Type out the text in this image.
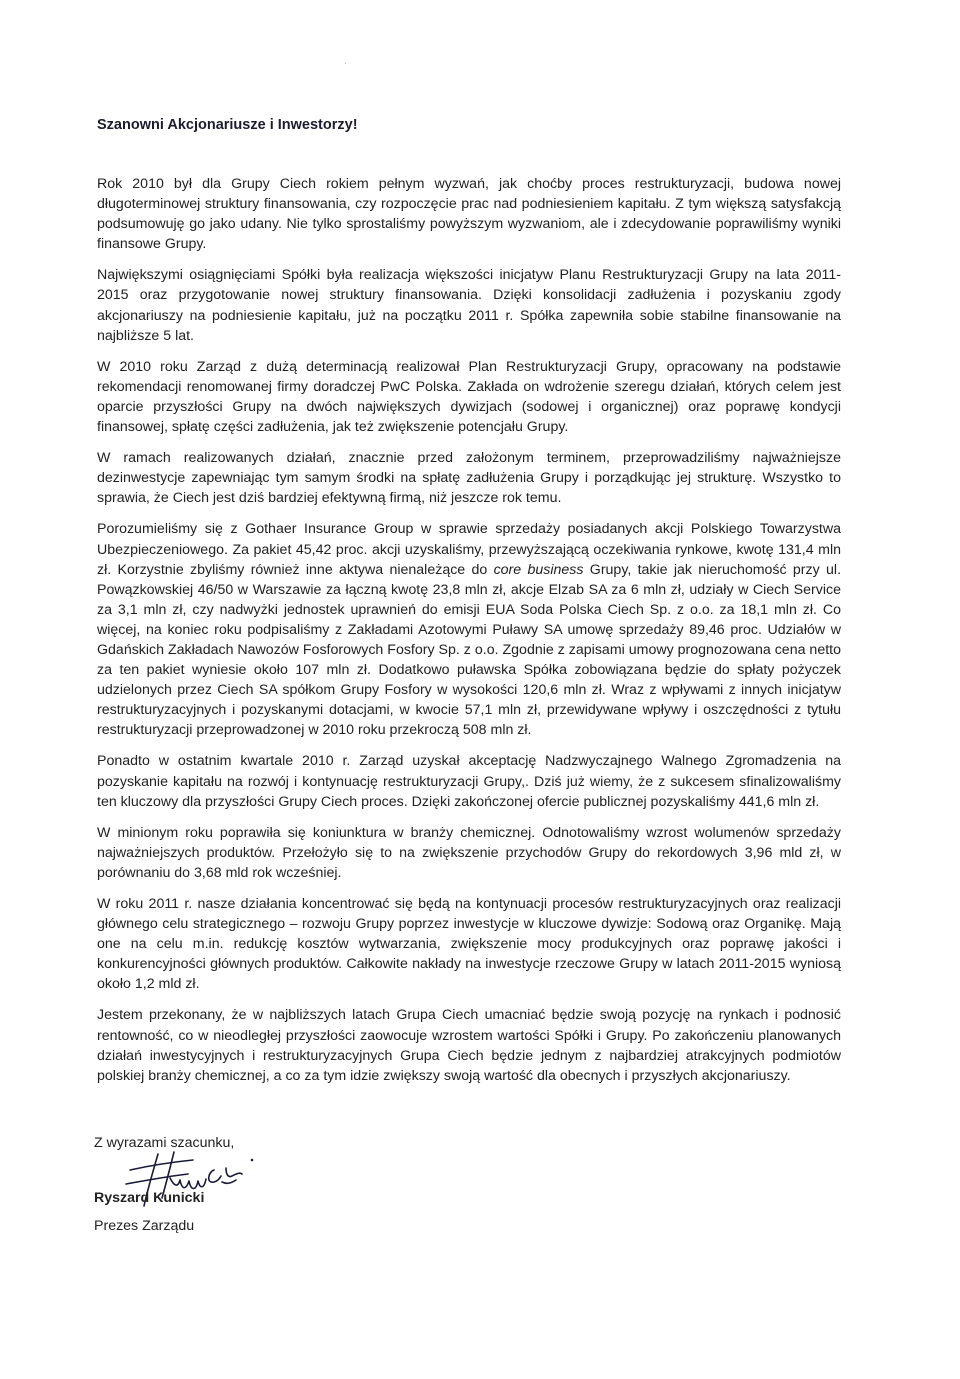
Szanowni Akcjonariusze i Inwestorzy!

Rok 2010 był dla Grupy Ciech rokiem pełnym wyzwań, jak choćby proces restrukturyzacji, budowa nowej długoterminowej struktury finansowania, czy rozpoczęcie prac nad podniesieniem kapitału. Z tym większą satysfakcją podsumowuję go jako udany. Nie tylko sprostaliśmy powyższym wyzwaniom, ale i zdecydowanie poprawiliśmy wyniki finansowe Grupy.

Największymi osiągnięciami Spółki była realizacja większości inicjatyw Planu Restrukturyzacji Grupy na lata 2011-2015 oraz przygotowanie nowej struktury finansowania. Dzięki konsolidacji zadłużenia i pozyskaniu zgody akcjonariuszy na podniesienie kapitału, już na początku 2011 r. Spółka zapewniła sobie stabilne finansowanie na najbliższe 5 lat.

W 2010 roku Zarząd z dużą determinacją realizował Plan Restrukturyzacji Grupy, opracowany na podstawie rekomendacji renomowanej firmy doradczej PwC Polska. Zakłada on wdrożenie szeregu działań, których celem jest oparcie przyszłości Grupy na dwóch największych dywizjach (sodowej i organicznej) oraz poprawę kondycji finansowej, spłatę części zadłużenia, jak też zwiększenie potencjału Grupy.

W ramach realizowanych działań, znacznie przed założonym terminem, przeprowadziliśmy najważniejsze dezinwestycje zapewniając tym samym środki na spłatę zadłużenia Grupy i porządkując jej strukturę. Wszystko to sprawia, że Ciech jest dziś bardziej efektywną firmą, niż jeszcze rok temu.

Porozumieliśmy się z Gothaer Insurance Group w sprawie sprzedaży posiadanych akcji Polskiego Towarzystwa Ubezpieczeniowego. Za pakiet 45,42 proc. akcji uzyskaliśmy, przewyższającą oczekiwania rynkowe, kwotę 131,4 mln zł. Korzystnie zbyliśmy również inne aktywa nienależące do core business Grupy, takie jak nieruchomość przy ul. Powązkowskiej 46/50 w Warszawie za łączną kwotę 23,8 mln zł, akcje Elzab SA za 6 mln zł, udziały w Ciech Service za 3,1 mln zł, czy nadwyżki jednostek uprawnień do emisji EUA Soda Polska Ciech Sp. z o.o. za 18,1 mln zł. Co więcej, na koniec roku podpisaliśmy z Zakładami Azotowymi Puławy SA umowę sprzedaży 89,46 proc. Udziałów w Gdańskich Zakładach Nawozów Fosforowych Fosfory Sp. z o.o. Zgodnie z zapisami umowy prognozowana cena netto za ten pakiet wyniesie około 107 mln zł. Dodatkowo puławska Spółka zobowiązana będzie do spłaty pożyczek udzielonych przez Ciech SA spółkom Grupy Fosfory w wysokości 120,6 mln zł. Wraz z wpływami z innych inicjatyw restrukturyzacyjnych i pozyskanymi dotacjami, w kwocie 57,1 mln zł, przewidywane wpływy i oszczędności z tytułu restrukturyzacji przeprowadzonej w 2010 roku przekroczą 508 mln zł.

Ponadto w ostatnim kwartale 2010 r. Zarząd uzyskał akceptację Nadzwyczajnego Walnego Zgromadzenia na pozyskanie kapitału na rozwój i kontynuację restrukturyzacji Grupy,. Dziś już wiemy, że z sukcesem sfinalizowaliśmy ten kluczowy dla przyszłości Grupy Ciech proces. Dzięki zakończonej ofercie publicznej pozyskaliśmy 441,6 mln zł.

W minionym roku poprawiła się koniunktura w branży chemicznej. Odnotowaliśmy wzrost wolumenów sprzedaży najważniejszych produktów. Przełożyło się to na zwiększenie przychodów Grupy do rekordowych 3,96 mld zł, w porównaniu do 3,68 mld rok wcześniej.

W roku 2011 r. nasze działania koncentrować się będą na kontynuacji procesów restrukturyzacyjnych oraz realizacji głównego celu strategicznego – rozwoju Grupy poprzez inwestycje w kluczowe dywizje: Sodową oraz Organikę. Mają one na celu m.in. redukcję kosztów wytwarzania, zwiększenie mocy produkcyjnych oraz poprawę jakości i konkurencyjności głównych produktów. Całkowite nakłady na inwestycje rzeczowe Grupy w latach 2011-2015 wyniosą około 1,2 mld zł.

Jestem przekonany, że w najbliższych latach Grupa Ciech umacniać będzie swoją pozycję na rynkach i podnosić rentowność, co w nieodległej przyszłości zaowocuje wzrostem wartości Spółki i Grupy. Po zakończeniu planowanych działań inwestycyjnych i restrukturyzacyjnych Grupa Ciech będzie jednym z najbardziej atrakcyjnych podmiotów polskiej branży chemicznej, a co za tym idzie zwiększy swoją wartość dla obecnych i przyszłych akcjonariuszy.

Z wyrazami szacunku,
Ryszard Kunicki
Prezes Zarządu
